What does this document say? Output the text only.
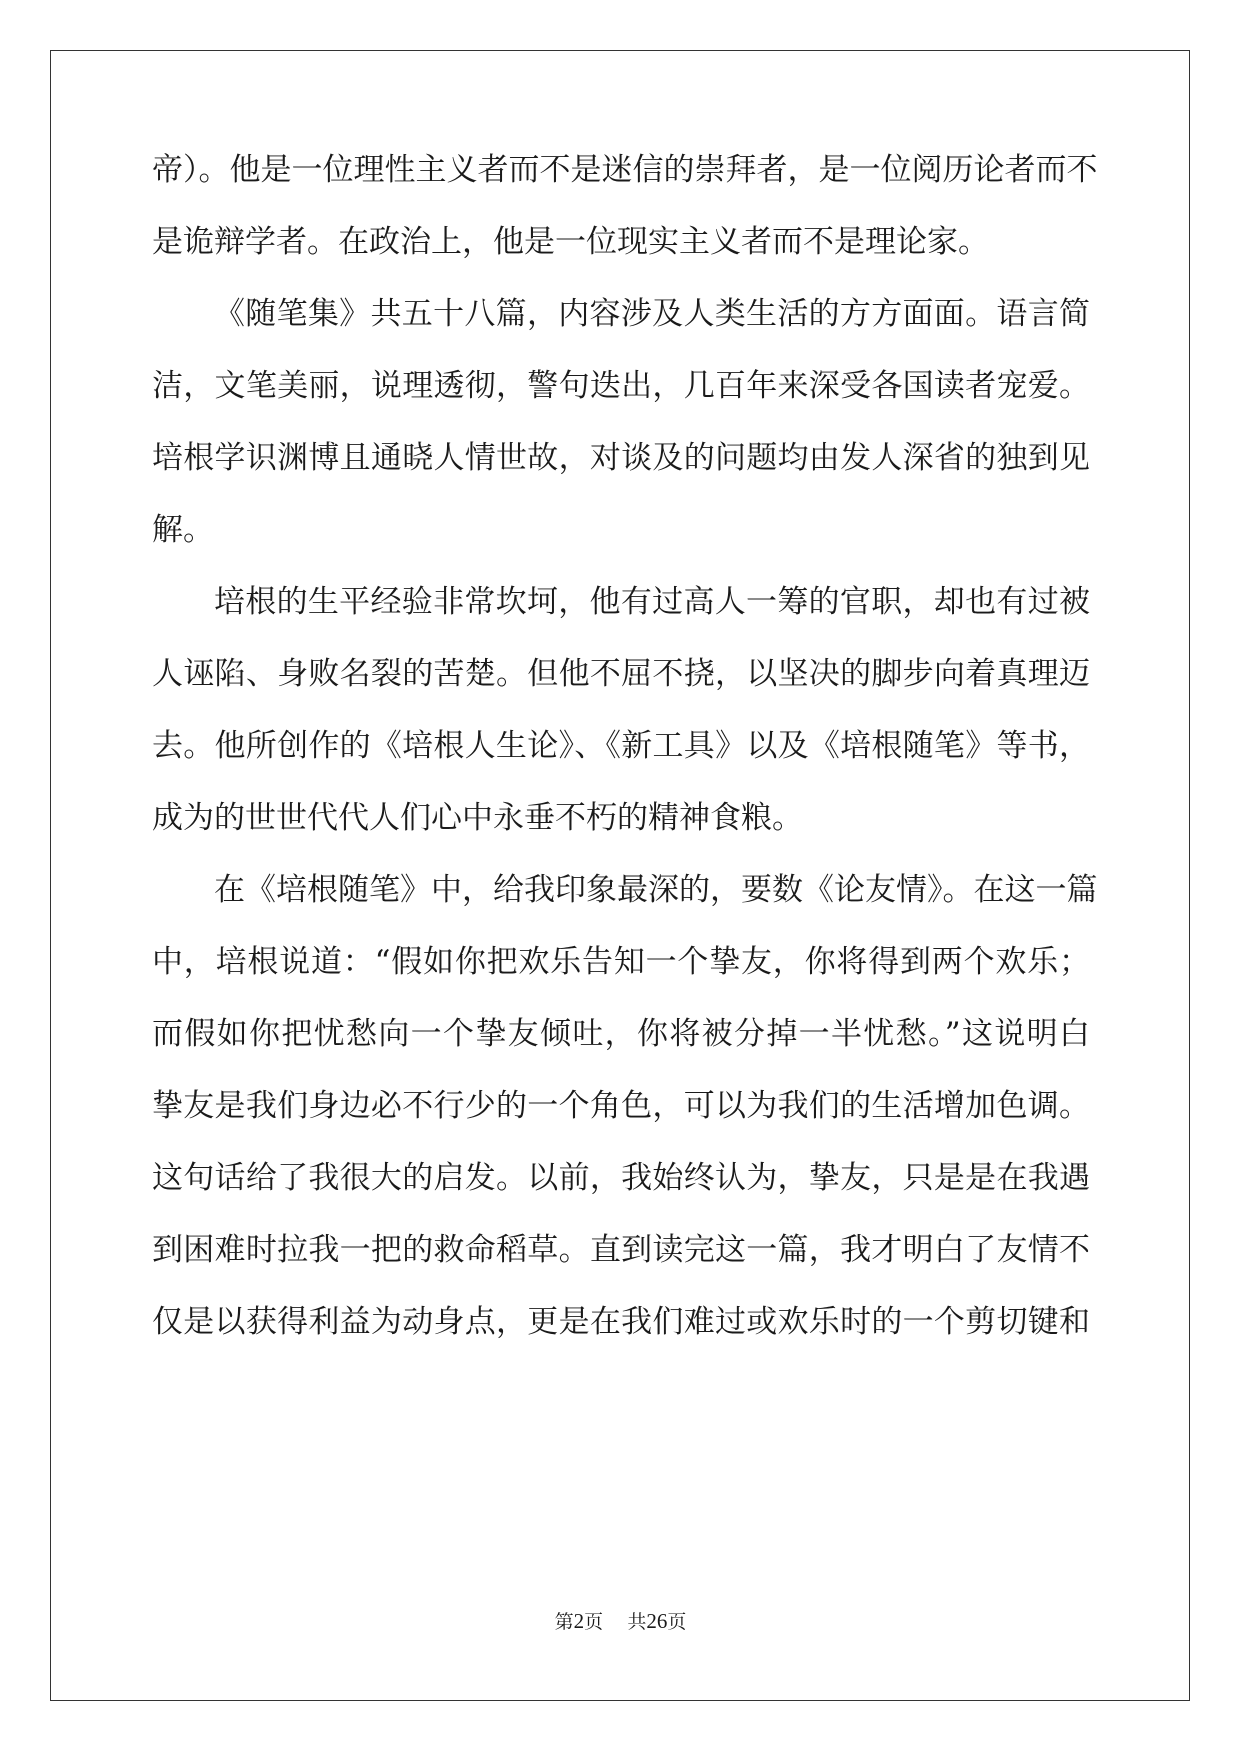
帝）。他是一位理性主义者而不是迷信的崇拜者，是一位阅历论者而不
是诡辩学者。在政治上，他是一位现实主义者而不是理论家。
《随笔集》共五十八篇，内容涉及人类生活的方方面面。语言简
洁，文笔美丽，说理透彻，警句迭出，几百年来深受各国读者宠爱。
培根学识渊博且通晓人情世故，对谈及的问题均由发人深省的独到见
解。
培根的生平经验非常坎坷，他有过高人一筹的官职，却也有过被
人诬陷、身败名裂的苦楚。但他不屈不挠，以坚决的脚步向着真理迈
去。他所创作的《培根人生论》、《新工具》以及《培根随笔》等书，
成为的世世代代人们心中永垂不朽的精神食粮。
在《培根随笔》中，给我印象最深的，要数《论友情》。在这一篇
中，培根说道：“假如你把欢乐告知一个挚友，你将得到两个欢乐；
而假如你把忧愁向一个挚友倾吐，你将被分掉一半忧愁。”这说明白
挚友是我们身边必不行少的一个角色，可以为我们的生活增加色调。
这句话给了我很大的启发。以前，我始终认为，挚友，只是是在我遇
到困难时拉我一把的救命稻草。直到读完这一篇，我才明白了友情不
仅是以获得利益为动身点，更是在我们难过或欢乐时的一个剪切键和
第2页 共26页
